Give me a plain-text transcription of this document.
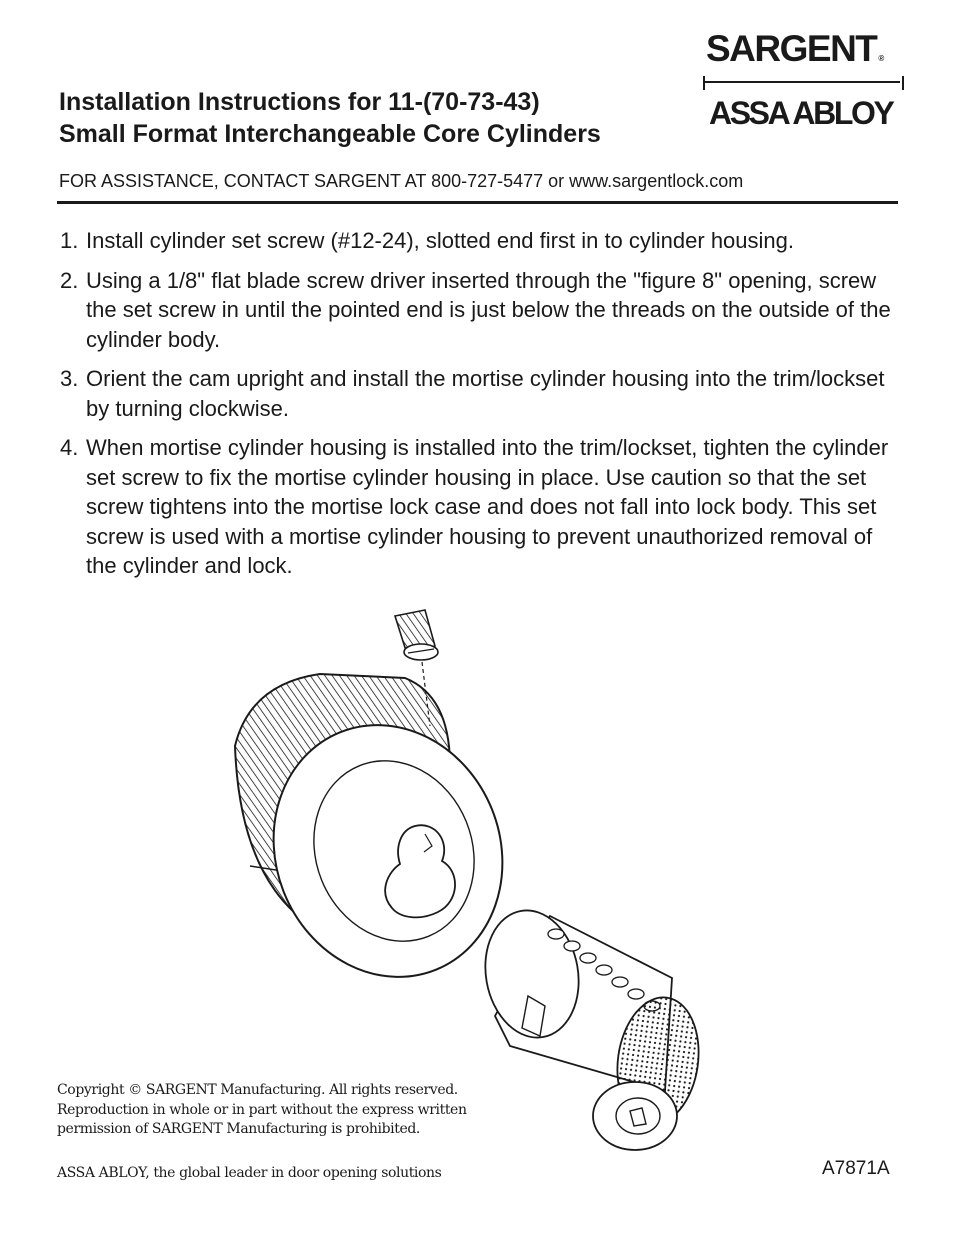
Installation Instructions for 11-(70-73-43)
Small Format Interchangeable Core Cylinders
SARGENT ®
ASSA ABLOY
FOR ASSISTANCE, CONTACT SARGENT AT 800-727-5477 or www.sargentlock.com
1. Install cylinder set screw (#12-24), slotted end first in to cylinder housing.
2. Using a 1/8" flat blade screw driver inserted through the "figure 8" opening, screw the set screw in until the pointed end is just below the threads on the outside of the cylinder body.
3. Orient the cam upright and install the mortise cylinder housing into the trim/lockset by turning clockwise.
4. When mortise cylinder housing is installed into the trim/lockset, tighten the cylinder set screw to fix the mortise cylinder housing in place. Use caution so that the set screw tightens into the mortise lock case and does not fall into lock body. This set screw is used with a mortise cylinder housing to prevent unauthorized removal of the cylinder and lock.
Copyright © SARGENT Manufacturing. All rights reserved.
Reproduction in whole or in part without the express written
permission of SARGENT Manufacturing is prohibited.
ASSA ABLOY, the global leader in door opening solutions	A7871A
